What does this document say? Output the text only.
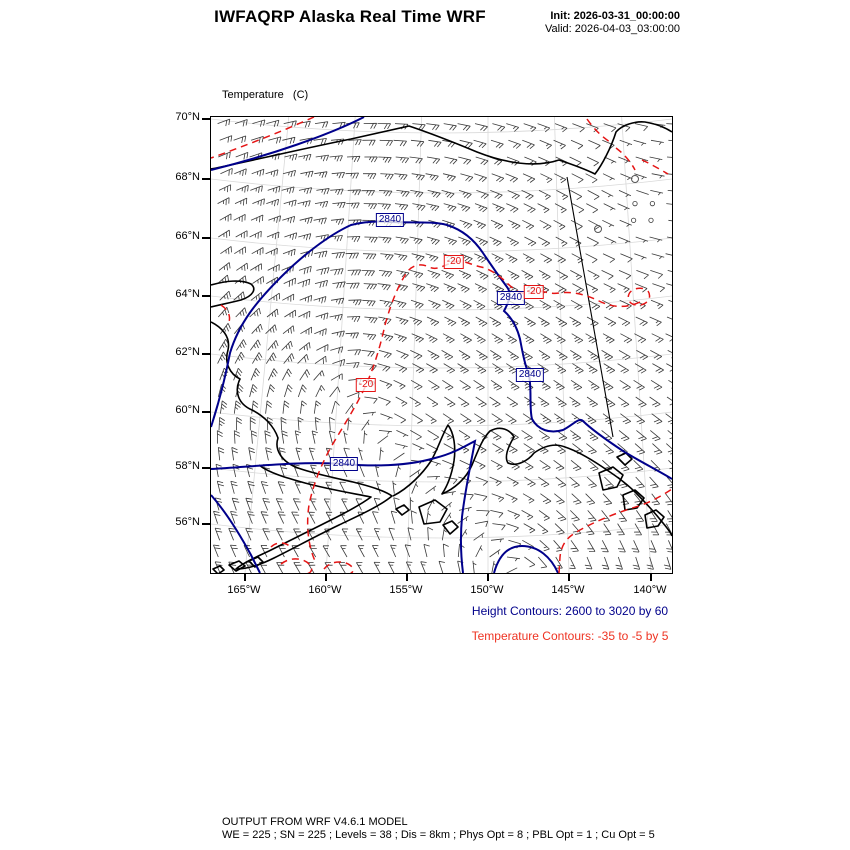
IWFAQRP Alaska Real Time WRF	Init: 2026-03-31_00:00:00
Valid: 2026-04-03_03:00:00

Temperature   (C)

2840
2840
2840
2840
-20
-20
-20
70°N
68°N
66°N
64°N
62°N
60°N
58°N
56°N
165°W	160°W	155°W	150°W	145°W	140°W
Height Contours: 2600 to 3020 by 60
Temperature Contours: -35 to -5 by 5
OUTPUT FROM WRF V4.6.1 MODEL
WE = 225 ; SN = 225 ; Levels = 38 ; Dis = 8km ; Phys Opt = 8 ; PBL Opt = 1 ; Cu Opt = 5
